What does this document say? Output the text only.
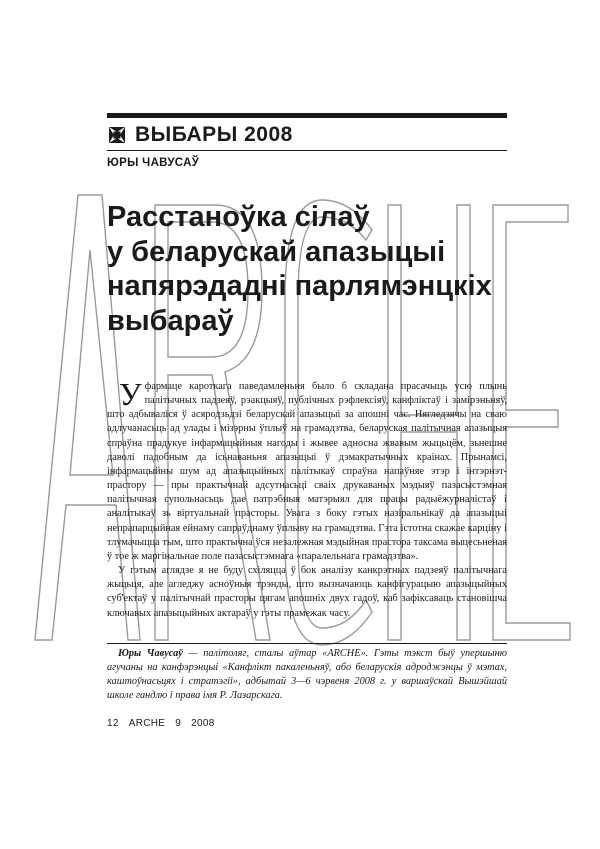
ВЫБАРЫ 2008
ЮРЫ ЧАВУСАЎ
Расстаноўка сілаў
у беларускай апазыцыі
напярэдадні парлямэнцкіх
выбараў

Уфармаце кароткага паведамленьня было б складана прасачыць усю плынь палітычных падзеяў, рэакцыяў, публічных рэфлексіяў, канфліктаў і замірэньняў, што адбываліся ў асяродзьдзі беларускай апазыцыі за апошні час. Нягледзячы на сваю адлучанасьць ад улады і мізэрны ўплыў на грамадзтва, беларуская палітычная апазыцыя спраўна прадукуе інфармацыйныя нагоды і жывее адносна жвавым жыцьцём, зьнешне даволі падобным да ісьнаваньня апазыцыі ў дэмакратычных краінах. Прынамсі, інфармацыйны шум ад апазыцыйных палітыкаў спраўна напаўняе этэр і інтэрнэт-прастору — пры практычнай адсутнасьці сваіх друкаваных мэдыяў пазасыстэмная палітычная супольнасьць дае патрэбныя матэрыял для працы радыёжурналістаў і аналітыкаў зь віртуальнай прасторы. Увага з боку гэтых назіральнікаў да апазыцыі непрапарцыйная ейнаму сапраўднаму ўплыву на грамадзтва. Гэта істотна скажае карціну і тлумачыцца тым, што практычна ўся незалежная мэдыйная прастора таксама выцесьненая ў тое ж маргінальнае поле пазасыстэмнага «паралельнага грамадзтва».

У гэтым аглядзе я не буду схіляцца ў бок аналізу канкрэтных падзеяў палітычнага жыцьця, але агледжу асноўныя трэнды, што вызначаюць канфігурацыю апазыцыйных суб'ектаў у палітычнай прасторы цягам апошніх двух гадоў, каб зафіксаваць становішча ключавых апазыцыйных актараў у гэты прамежак часу.

Юры Чавусаў — палітоляг, сталы аўтар «ARCHE». Гэты тэкст быў упершыню агучаны на канфэрэнцыі «Канфлікт пакаленьняў, або беларускія адроджэнцы ў мэтах, каштоўнасьцях і стратэгіі», адбытай 3—6 чэрвеня 2008 г. у варшаўскай Вышэйшай школе гандлю і права імя Р. Лазарскага.

12 ARCHE 9 2008
